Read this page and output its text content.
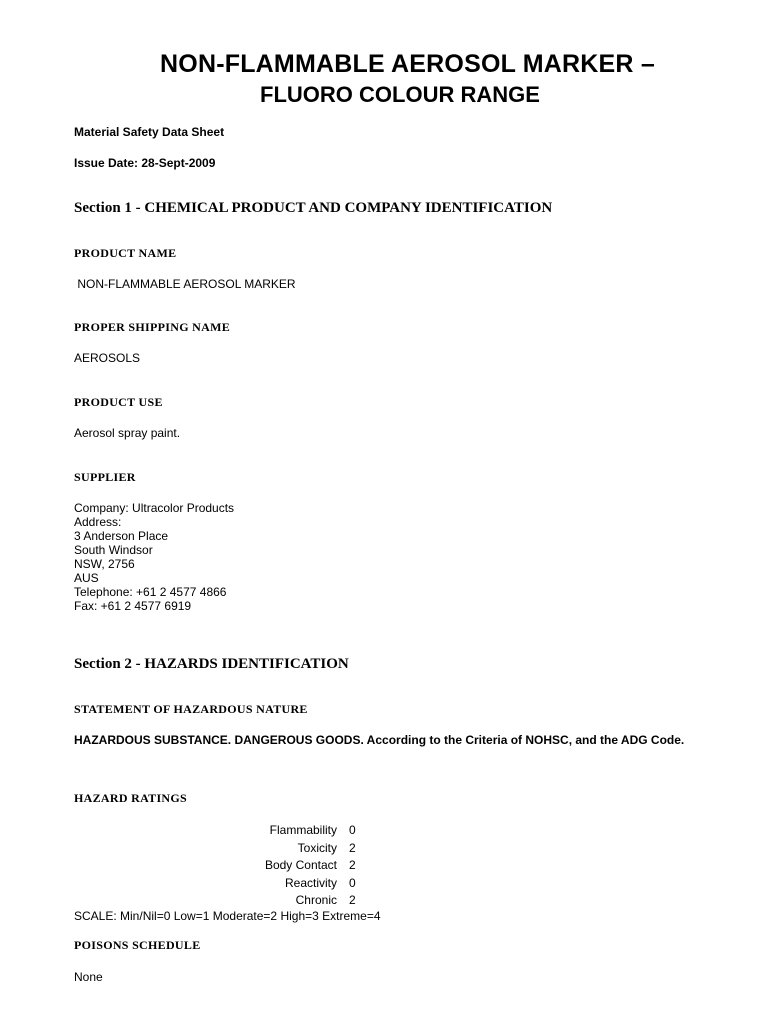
NON-FLAMMABLE AEROSOL MARKER –
FLUORO COLOUR RANGE
Material Safety Data Sheet
Issue Date: 28-Sept-2009
Section 1 - CHEMICAL PRODUCT AND COMPANY IDENTIFICATION
PRODUCT NAME
NON-FLAMMABLE AEROSOL MARKER
PROPER SHIPPING NAME
AEROSOLS
PRODUCT USE
Aerosol spray paint.
SUPPLIER
Company: Ultracolor Products
Address:
3 Anderson Place
South Windsor
NSW, 2756
AUS
Telephone: +61 2 4577 4866
Fax: +61 2 4577 6919
Section 2 - HAZARDS IDENTIFICATION
STATEMENT OF HAZARDOUS NATURE
HAZARDOUS SUBSTANCE. DANGEROUS GOODS. According to the Criteria of NOHSC, and the ADG Code.
HAZARD RATINGS
Flammability	0
Toxicity	2
Body Contact	2
Reactivity	0
Chronic	2
SCALE: Min/Nil=0 Low=1 Moderate=2 High=3 Extreme=4
POISONS SCHEDULE
None
